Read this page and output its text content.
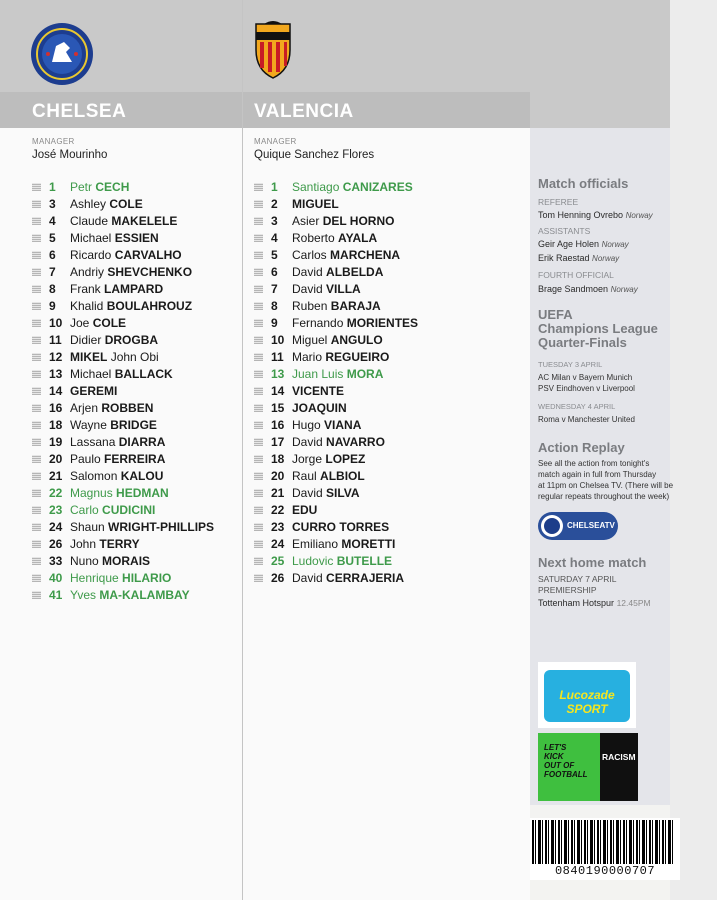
CHELSEA	VALENCIA
MANAGER
José Mourinho
MANAGER
Quique Sanchez Flores
1 Petr CECH
3 Ashley COLE
4 Claude MAKELELE
5 Michael ESSIEN
6 Ricardo CARVALHO
7 Andriy SHEVCHENKO
8 Frank LAMPARD
9 Khalid BOULAHROUZ
10 Joe COLE
11 Didier DROGBA
12 MIKEL John Obi
13 Michael BALLACK
14 GEREMI
16 Arjen ROBBEN
18 Wayne BRIDGE
19 Lassana DIARRA
20 Paulo FERREIRA
21 Salomon KALOU
22 Magnus HEDMAN
23 Carlo CUDICINI
24 Shaun WRIGHT-PHILLIPS
26 John TERRY
33 Nuno MORAIS
40 Henrique HILARIO
41 Yves MA-KALAMBAY
1 Santiago CANIZARES
2 MIGUEL
3 Asier DEL HORNO
4 Roberto AYALA
5 Carlos MARCHENA
6 David ALBELDA
7 David VILLA
8 Ruben BARAJA
9 Fernando MORIENTES
10 Miguel ANGULO
11 Mario REGUEIRO
13 Juan Luis MORA
14 VICENTE
15 JOAQUIN
16 Hugo VIANA
17 David NAVARRO
18 Jorge LOPEZ
20 Raul ALBIOL
21 David SILVA
22 EDU
23 CURRO TORRES
24 Emiliano MORETTI
25 Ludovic BUTELLE
26 David CERRAJERIA
Match officials
REFEREE
Tom Henning Ovrebo Norway
ASSISTANTS
Geir Age Holen Norway
Erik Raestad Norway
FOURTH OFFICIAL
Brage Sandmoen Norway
UEFA
Champions League
Quarter-Finals
TUESDAY 3 APRIL
AC Milan v Bayern Munich
PSV Eindhoven v Liverpool
WEDNESDAY 4 APRIL
Roma v Manchester United
Action Replay
See all the action from tonight's
match again in full from Thursday
at 11pm on Chelsea TV. (There will be
regular repeats throughout the week)
CHELSEATV
Next home match
SATURDAY 7 APRIL
PREMIERSHIP
Tottenham Hotspur 12.45PM
Lucozade SPORT
LET'S
KICK
OUT OF
FOOTBALL
RACISM
0840190000707
